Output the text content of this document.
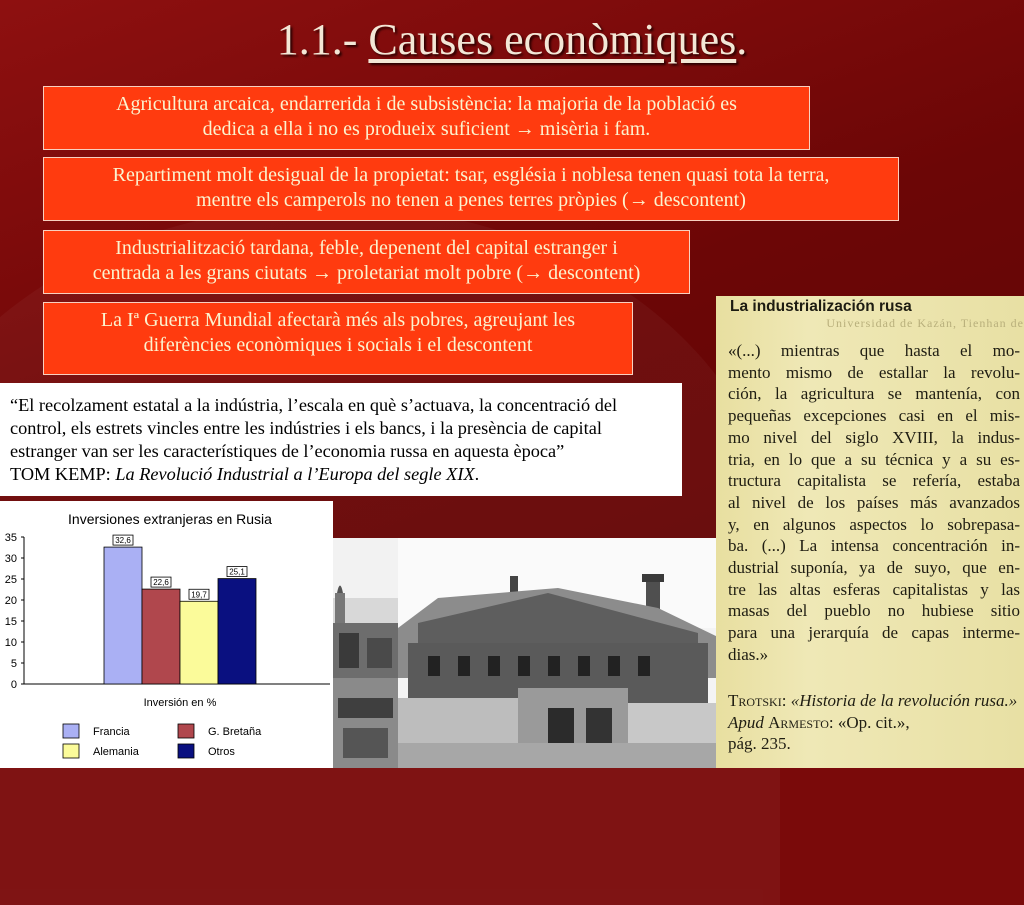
1.1.- Causes econòmiques.
Agricultura arcaica, endarrerida i de subsistència: la majoria de la població es
dedica a ella i no es produeix suficient → misèria i fam.
Repartiment molt desigual de la propietat: tsar, església i noblesa tenen quasi tota la terra,
mentre els camperols no tenen a penes terres pròpies (→ descontent)
Industrialització tardana, feble, depenent del capital estranger i
centrada a les grans ciutats → proletariat molt pobre (→ descontent)
La Iª Guerra Mundial afectarà més als pobres, agreujant les
diferències econòmiques i socials i el descontent
“El recolzament estatal a la indústria, l’escala en què s’actuava, la concentració del
control, els estrets vincles entre les indústries i els bancs, i la presència de capital
estranger van ser les característiques de l’economia russa en aquesta època”
TOM KEMP: La Revolució Industrial a l’Europa del segle XIX.
Inversiones extranjeras en Rusia
35
30
25
20
15
10
5
0
32,6
22,6
19,7
25,1
Inversión en %
Francia	G. Bretaña
Alemania	Otros
Universidad de Kazán, Tienhan de
La industrialización rusa
«(...) mientras que hasta el mo-
mento mismo de estallar la revolu-
ción, la agricultura se mantenía, con
pequeñas excepciones casi en el mis-
mo nivel del siglo XVIII, la indus-
tria, en lo que a su técnica y a su es-
tructura capitalista se refería, estaba
al nivel de los países más avanzados
y, en algunos aspectos lo sobrepasa-
ba. (...) La intensa concentración in-
dustrial suponía, ya de suyo, que en-
tre las altas esferas capitalistas y las
masas del pueblo no hubiese sitio
para una jerarquía de capas interme-
dias.»
Trotski: «Historia de la revolución rusa.»
Apud Armesto: «Op. cit.»,
pág. 235.
